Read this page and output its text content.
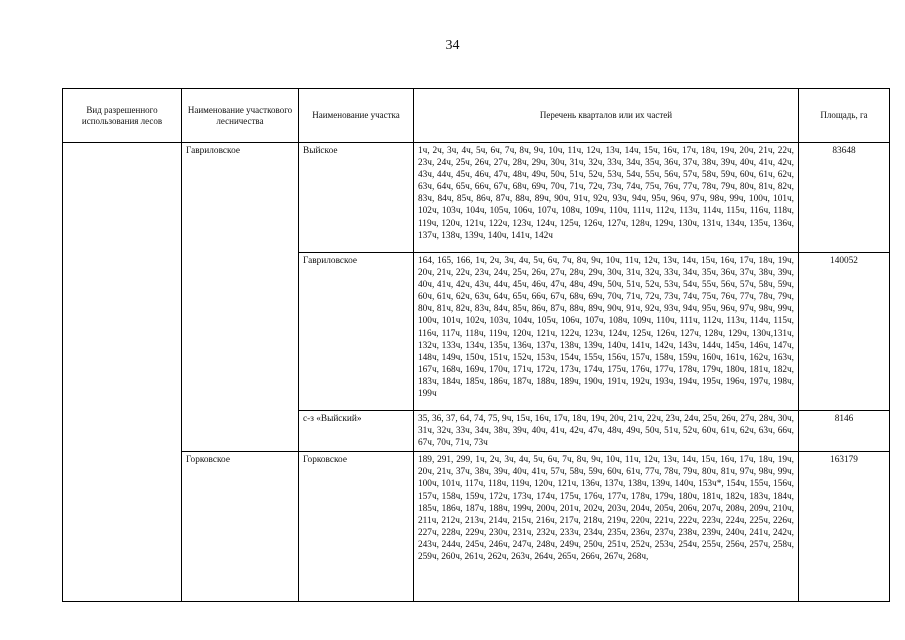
34
Вид разрешенного использования лесов	Наименование участкового лесничества	Наименование участка	Перечень кварталов или их частей	Площадь, га
	Гавриловское	Выйское	1ч, 2ч, 3ч, 4ч, 5ч, 6ч, 7ч, 8ч, 9ч, 10ч, 11ч, 12ч, 13ч, 14ч, 15ч, 16ч, 17ч, 18ч, 19ч, 20ч, 21ч, 22ч, 23ч, 24ч, 25ч, 26ч, 27ч, 28ч, 29ч, 30ч, 31ч, 32ч, 33ч, 34ч, 35ч, 36ч, 37ч, 38ч, 39ч, 40ч, 41ч, 42ч, 43ч, 44ч, 45ч, 46ч, 47ч, 48ч, 49ч, 50ч, 51ч, 52ч, 53ч, 54ч, 55ч, 56ч, 57ч, 58ч, 59ч, 60ч, 61ч, 62ч, 63ч, 64ч, 65ч, 66ч, 67ч, 68ч, 69ч, 70ч, 71ч, 72ч, 73ч, 74ч, 75ч, 76ч, 77ч, 78ч, 79ч, 80ч, 81ч, 82ч, 83ч, 84ч, 85ч, 86ч, 87ч, 88ч, 89ч, 90ч, 91ч, 92ч, 93ч, 94ч, 95ч, 96ч, 97ч, 98ч, 99ч, 100ч, 101ч, 102ч, 103ч, 104ч, 105ч, 106ч, 107ч, 108ч, 109ч, 110ч, 111ч, 112ч, 113ч, 114ч, 115ч, 116ч, 118ч, 119ч, 120ч, 121ч, 122ч, 123ч, 124ч, 125ч, 126ч, 127ч, 128ч, 129ч, 130ч, 131ч, 134ч, 135ч, 136ч, 137ч, 138ч, 139ч, 140ч, 141ч, 142ч	83648
		Гавриловское	164, 165, 166, 1ч, 2ч, 3ч, 4ч, 5ч, 6ч, 7ч, 8ч, 9ч, 10ч, 11ч, 12ч, 13ч, 14ч, 15ч, 16ч, 17ч, 18ч, 19ч, 20ч, 21ч, 22ч, 23ч, 24ч, 25ч, 26ч, 27ч, 28ч, 29ч, 30ч, 31ч, 32ч, 33ч, 34ч, 35ч, 36ч, 37ч, 38ч, 39ч, 40ч, 41ч, 42ч, 43ч, 44ч, 45ч, 46ч, 47ч, 48ч, 49ч, 50ч, 51ч, 52ч, 53ч, 54ч, 55ч, 56ч, 57ч, 58ч, 59ч, 60ч, 61ч, 62ч, 63ч, 64ч, 65ч, 66ч, 67ч, 68ч, 69ч, 70ч, 71ч, 72ч, 73ч, 74ч, 75ч, 76ч, 77ч, 78ч, 79ч, 80ч, 81ч, 82ч, 83ч, 84ч, 85ч, 86ч, 87ч, 88ч, 89ч, 90ч, 91ч, 92ч, 93ч, 94ч, 95ч, 96ч, 97ч, 98ч, 99ч, 100ч, 101ч, 102ч, 103ч, 104ч, 105ч, 106ч, 107ч, 108ч, 109ч, 110ч, 111ч, 112ч, 113ч, 114ч, 115ч, 116ч, 117ч, 118ч, 119ч, 120ч, 121ч, 122ч, 123ч, 124ч, 125ч, 126ч, 127ч, 128ч, 129ч, 130ч,131ч, 132ч, 133ч, 134ч, 135ч, 136ч, 137ч, 138ч, 139ч, 140ч, 141ч, 142ч, 143ч, 144ч, 145ч, 146ч, 147ч, 148ч, 149ч, 150ч, 151ч, 152ч, 153ч, 154ч, 155ч, 156ч, 157ч, 158ч, 159ч, 160ч, 161ч, 162ч, 163ч, 167ч, 168ч, 169ч, 170ч, 171ч, 172ч, 173ч, 174ч, 175ч, 176ч, 177ч, 178ч, 179ч, 180ч, 181ч, 182ч, 183ч, 184ч, 185ч, 186ч, 187ч, 188ч, 189ч, 190ч, 191ч, 192ч, 193ч, 194ч, 195ч, 196ч, 197ч, 198ч, 199ч	140052
		с-з «Выйский»	35, 36, 37, 64, 74, 75, 9ч, 15ч, 16ч, 17ч, 18ч, 19ч, 20ч, 21ч, 22ч, 23ч, 24ч, 25ч, 26ч, 27ч, 28ч, 30ч, 31ч, 32ч, 33ч, 34ч, 38ч, 39ч, 40ч, 41ч, 42ч, 47ч, 48ч, 49ч, 50ч, 51ч, 52ч, 60ч, 61ч, 62ч, 63ч, 66ч, 67ч, 70ч, 71ч, 73ч	8146
	Горковское	Горковское	189, 291, 299, 1ч, 2ч, 3ч, 4ч, 5ч, 6ч, 7ч, 8ч, 9ч, 10ч, 11ч, 12ч, 13ч, 14ч, 15ч, 16ч, 17ч, 18ч, 19ч, 20ч, 21ч, 37ч, 38ч, 39ч, 40ч, 41ч, 57ч, 58ч, 59ч, 60ч, 61ч, 77ч, 78ч, 79ч, 80ч, 81ч, 97ч, 98ч, 99ч, 100ч, 101ч, 117ч, 118ч, 119ч, 120ч, 121ч, 136ч, 137ч, 138ч, 139ч, 140ч, 153ч*, 154ч, 155ч, 156ч, 157ч, 158ч, 159ч, 172ч, 173ч, 174ч, 175ч, 176ч, 177ч, 178ч, 179ч, 180ч, 181ч, 182ч, 183ч, 184ч, 185ч, 186ч, 187ч, 188ч, 199ч, 200ч, 201ч, 202ч, 203ч, 204ч, 205ч, 206ч, 207ч, 208ч, 209ч, 210ч, 211ч, 212ч, 213ч, 214ч, 215ч, 216ч, 217ч, 218ч, 219ч, 220ч, 221ч, 222ч, 223ч, 224ч, 225ч, 226ч, 227ч, 228ч, 229ч, 230ч, 231ч, 232ч, 233ч, 234ч, 235ч, 236ч, 237ч, 238ч, 239ч, 240ч, 241ч, 242ч, 243ч, 244ч, 245ч, 246ч, 247ч, 248ч, 249ч, 250ч, 251ч, 252ч, 253ч, 254ч, 255ч, 256ч, 257ч, 258ч, 259ч, 260ч, 261ч, 262ч, 263ч, 264ч, 265ч, 266ч, 267ч, 268ч,	163179
